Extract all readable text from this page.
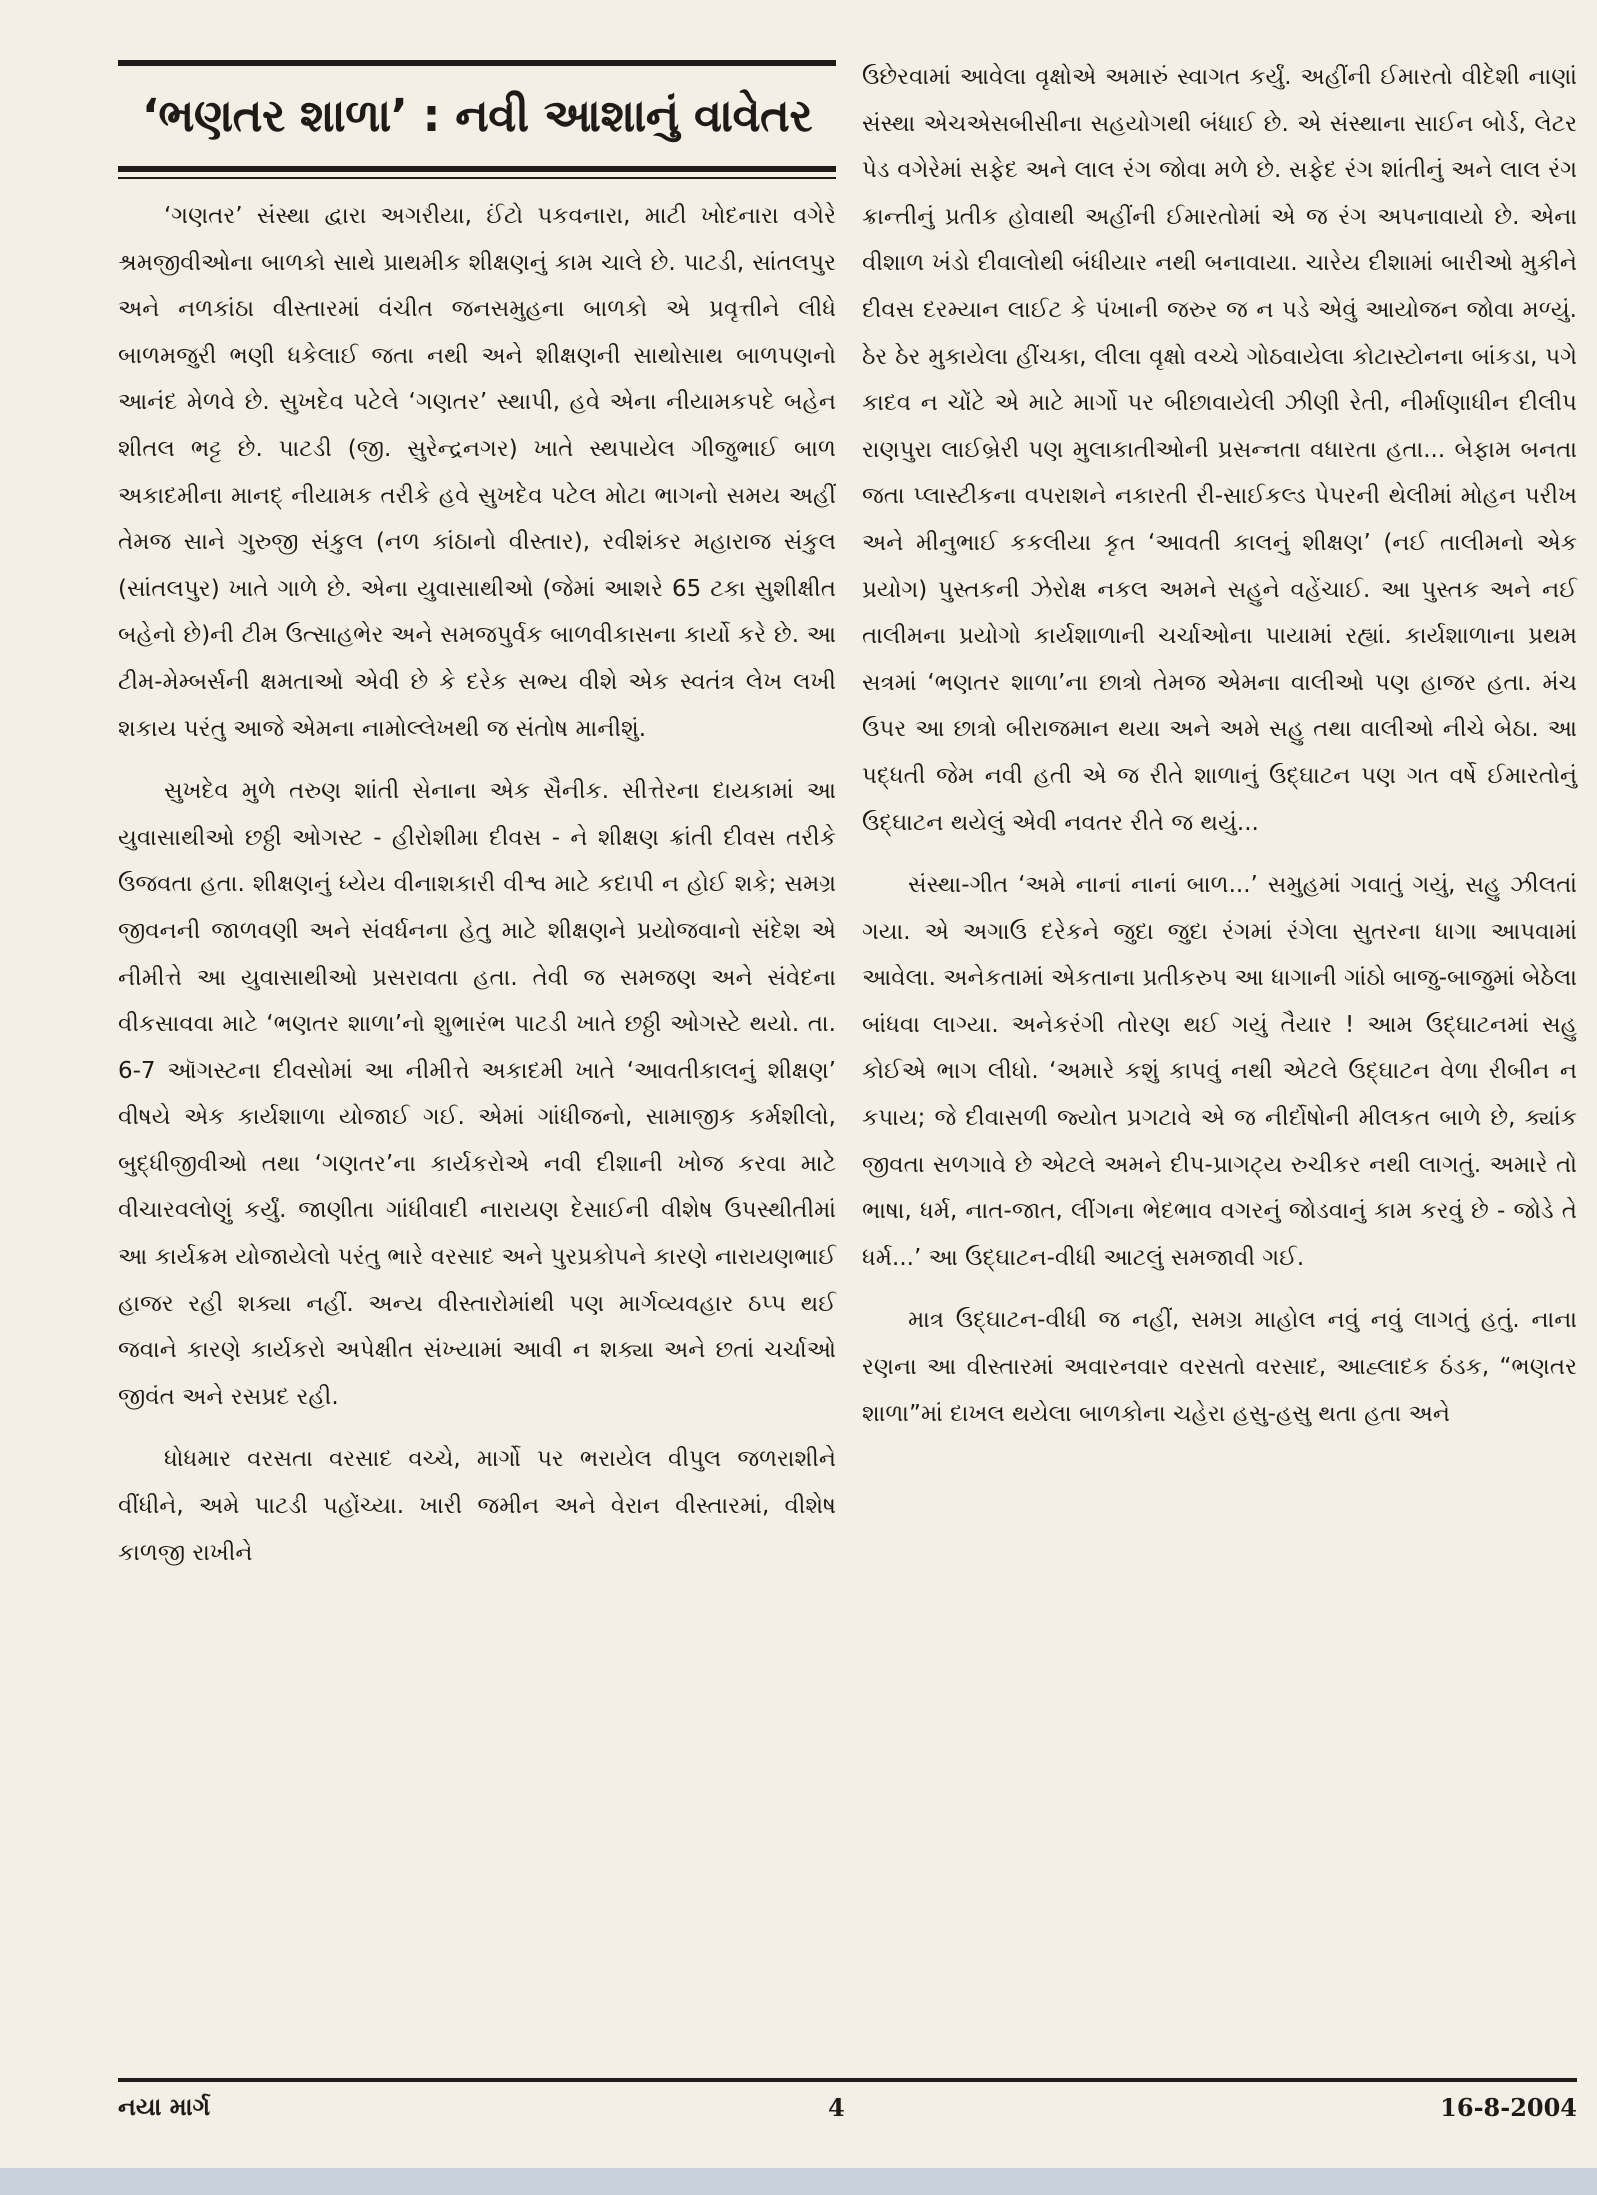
‘ભણતર શાળા’ : નવી આશાનું વાવેતર

‘ગણતર’ સંસ્થા દ્વારા અગરીયા, ઈંટો પકવનારા, માટી ખોદનારા વગેરે શ્રમજીવીઓના બાળકો સાથે પ્રાથમીક શીક્ષણનું કામ ચાલે છે. પાટડી, સાંતલપુર અને નળકાંઠા વીસ્તારમાં વંચીત જનસમુહના બાળકો એ પ્રવૃત્તીને લીધે બાળમજુરી ભણી ધકેલાઈ જતા નથી અને શીક્ષણની સાથોસાથ બાળપણનો આનંદ મેળવે છે. સુખદેવ પટેલે ‘ગણતર’ સ્થાપી, હવે એના નીયામકપદે બહેન શીતલ ભટ્ટ છે. પાટડી (જી. સુરેન્દ્રનગર) ખાતે સ્થપાયેલ ગીજુભાઈ બાળ અકાદમીના માનદ્ નીયામક તરીકે હવે સુખદેવ પટેલ મોટા ભાગનો સમય અહીં તેમજ સાને ગુરુજી સંકુલ (નળ કાંઠાનો વીસ્તાર), રવીશંકર મહારાજ સંકુલ (સાંતલપુર) ખાતે ગાળે છે. એના યુવાસાથીઓ (જેમાં આશરે 65 ટકા સુશીક્ષીત બહેનો છે)ની ટીમ ઉત્સાહભેર અને સમજપુર્વક બાળવીકાસના કાર્યો કરે છે. આ ટીમ-મેમ્બર્સની ક્ષમતાઓ એવી છે કે દરેક સભ્ય વીશે એક સ્વતંત્ર લેખ લખી શકાય પરંતુ આજે એમના નામોલ્લેખથી જ સંતોષ માનીશું.

સુખદેવ મુળે તરુણ શાંતી સેનાના એક સૈનીક. સીત્તેરના દાયકામાં આ યુવાસાથીઓ છઠ્ઠી ઓગસ્ટ - હીરોશીમા દીવસ - ને શીક્ષણ ક્રાંતી દીવસ તરીકે ઉજવતા હતા. શીક્ષણનું ધ્યેય વીનાશકારી વીશ્વ માટે કદાપી ન હોઈ શકે; સમગ્ર જીવનની જાળવણી અને સંવર્ધનના હેતુ માટે શીક્ષણને પ્રયોજવાનો સંદેશ એ નીમીત્તે આ યુવાસાથીઓ પ્રસરાવતા હતા. તેવી જ સમજણ અને સંવેદના વીકસાવવા માટે ‘ભણતર શાળા’નો શુભારંભ પાટડી ખાતે છઠ્ઠી ઓગસ્ટે થયો. તા. 6-7 ઑગસ્ટના દીવસોમાં આ નીમીત્તે અકાદમી ખાતે ‘આવતીકાલનું શીક્ષણ’ વીષયે એક કાર્યશાળા યોજાઈ ગઈ. એમાં ગાંધીજનો, સામાજીક કર્મશીલો, બુદ્ધીજીવીઓ તથા ‘ગણતર’ના કાર્યકરોએ નવી દીશાની ખોજ કરવા માટે વીચારવલોણું કર્યું. જાણીતા ગાંધીવાદી નારાયણ દેસાઈની વીશેષ ઉપસ્થીતીમાં આ કાર્યક્રમ યોજાયેલો પરંતુ ભારે વરસાદ અને પુરપ્રકોપને કારણે નારાયણભાઈ હાજર રહી શક્યા નહીં. અન્ય વીસ્તારોમાંથી પણ માર્ગવ્યવહાર ઠપ્પ થઈ જવાને કારણે કાર્યકરો અપેક્ષીત સંખ્યામાં આવી ન શક્યા અને છતાં ચર્ચાઓ જીવંત અને રસપ્રદ રહી.

ધોધમાર વરસતા વરસાદ વચ્ચે, માર્ગો પર ભરાયેલ વીપુલ જળરાશીને વીંધીને, અમે પાટડી પહોંચ્યા. ખારી જમીન અને વેરાન વીસ્તારમાં, વીશેષ કાળજી રાખીને

ઉછેરવામાં આવેલા વૃક્ષોએ અમારું સ્વાગત કર્યું. અહીંની ઈમારતો વીદેશી નાણાં સંસ્થા એચએસબીસીના સહયોગથી બંધાઈ છે. એ સંસ્થાના સાઈન બોર્ડ, લેટર પેડ વગેરેમાં સફેદ અને લાલ રંગ જોવા મળે છે. સફેદ રંગ શાંતીનું અને લાલ રંગ ક્રાન્તીનું પ્રતીક હોવાથી અહીંની ઈમારતોમાં એ જ રંગ અપનાવાયો છે. એના વીશાળ ખંડો દીવાલોથી બંધીયાર નથી બનાવાયા. ચારેય દીશામાં બારીઓ મુકીને દીવસ દરમ્યાન લાઈટ કે પંખાની જરુર જ ન પડે એવું આયોજન જોવા મળ્યું. ઠેર ઠેર મુકાયેલા હીંચકા, લીલા વૃક્ષો વચ્ચે ગોઠવાયેલા કોટાસ્ટોનના બાંકડા, પગે કાદવ ન ચોંટે એ માટે માર્ગો પર બીછાવાયેલી ઝીણી રેતી, નીર્માણાધીન દીલીપ રાણપુરા લાઈબ્રેરી પણ મુલાકાતીઓની પ્રસન્નતા વધારતા હતા... બેફામ બનતા જતા પ્લાસ્ટીકના વપરાશને નકારતી રી-સાઈકલ્ડ પેપરની થેલીમાં મોહન પરીખ અને મીનુભાઈ કકલીયા કૃત ‘આવતી કાલનું શીક્ષણ’ (નઈ તાલીમનો એક પ્રયોગ) પુસ્તકની ઝેરોક્ષ નકલ અમને સહુને વહેંચાઈ. આ પુસ્તક અને નઈ તાલીમના પ્રયોગો કાર્યશાળાની ચર્ચાઓના પાયામાં રહ્યાં. કાર્યશાળાના પ્રથમ સત્રમાં ‘ભણતર શાળા’ના છાત્રો તેમજ એમના વાલીઓ પણ હાજર હતા. મંચ ઉપર આ છાત્રો બીરાજમાન થયા અને અમે સહુ તથા વાલીઓ નીચે બેઠા. આ પદ્ધતી જેમ નવી હતી એ જ રીતે શાળાનું ઉદ્ઘાટન પણ ગત વર્ષે ઈમારતોનું ઉદ્ઘાટન થયેલું એવી નવતર રીતે જ થયું...

સંસ્થા-ગીત ‘અમે નાનાં નાનાં બાળ...’ સમુહમાં ગવાતું ગયું, સહુ ઝીલતાં ગયા. એ અગાઉ દરેકને જુદા જુદા રંગમાં રંગેલા સુતરના ધાગા આપવામાં આવેલા. અનેકતામાં એકતાના પ્રતીકરુપ આ ધાગાની ગાંઠો બાજુ-બાજુમાં બેઠેલા બાંધવા લાગ્યા. અનેકરંગી તોરણ થઈ ગયું તૈયાર ! આમ ઉદ્ઘાટનમાં સહુ કોઈએ ભાગ લીધો. ‘અમારે કશું કાપવું નથી એટલે ઉદ્ઘાટન વેળા રીબીન ન કપાય; જે દીવાસળી જ્યોત પ્રગટાવે એ જ નીર્દોષોની મીલકત બાળે છે, ક્યાંક જીવતા સળગાવે છે એટલે અમને દીપ-પ્રાગટ્ય રુચીકર નથી લાગતું. અમારે તો ભાષા, ધર્મ, નાત-જાત, લીંગના ભેદભાવ વગરનું જોડવાનું કામ કરવું છે - જોડે તે ધર્મ...’ આ ઉદ્ઘાટન-વીધી આટલું સમજાવી ગઈ.

માત્ર ઉદ્ઘાટન-વીધી જ નહીં, સમગ્ર માહોલ નવું નવું લાગતું હતું. નાના રણના આ વીસ્તારમાં અવારનવાર વરસતો વરસાદ, આહ્લાદક ઠંડક, “ભણતર શાળા”માં દાખલ થયેલા બાળકોના ચહેરા હસુ-હસુ થતા હતા અને

નયા માર્ગ	4	16-8-2004
